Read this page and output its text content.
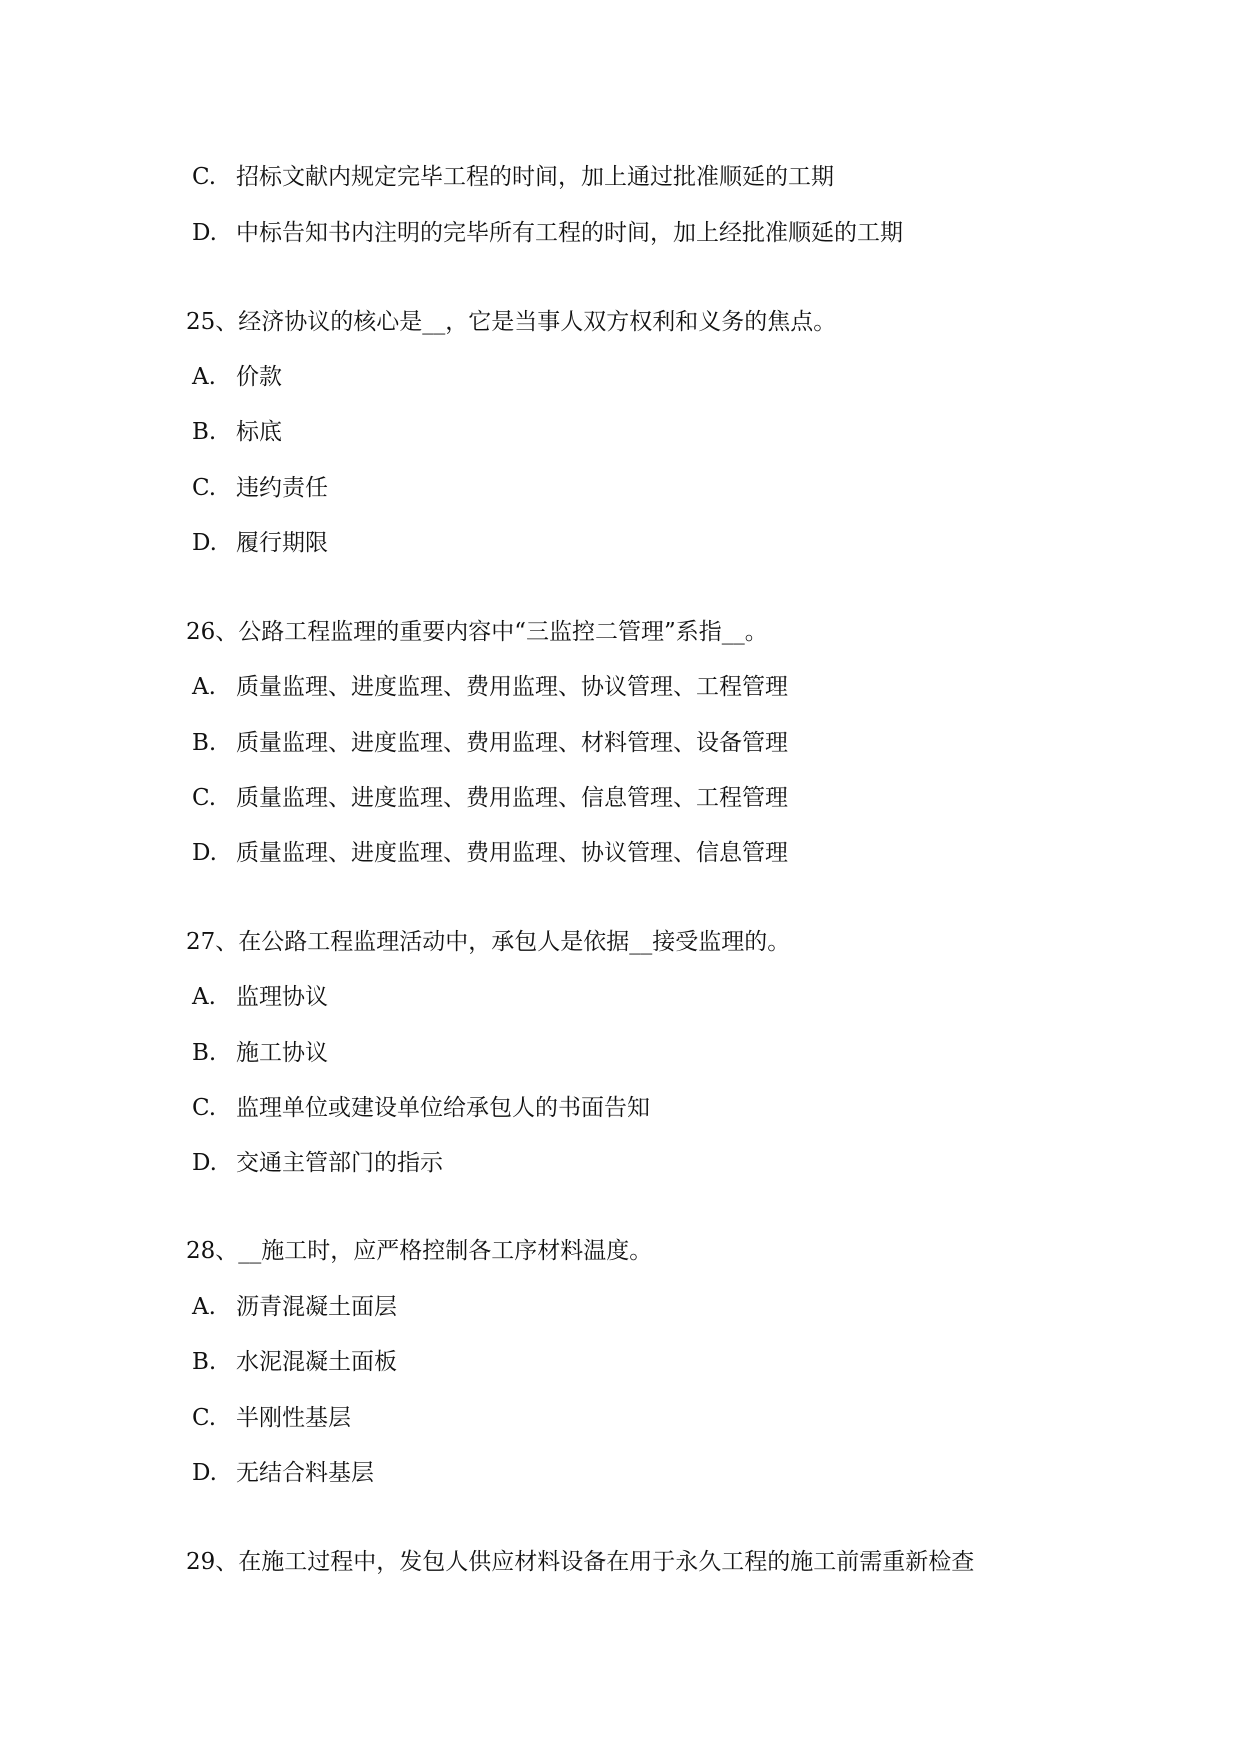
C. 招标文献内规定完毕工程的时间，加上通过批准顺延的工期
D. 中标告知书内注明的完毕所有工程的时间，加上经批准顺延的工期
25、经济协议的核心是__，它是当事人双方权利和义务的焦点。
A. 价款
B. 标底
C. 违约责任
D. 履行期限
26、公路工程监理的重要内容中“三监控二管理”系指__。
A. 质量监理、进度监理、费用监理、协议管理、工程管理
B. 质量监理、进度监理、费用监理、材料管理、设备管理
C. 质量监理、进度监理、费用监理、信息管理、工程管理
D. 质量监理、进度监理、费用监理、协议管理、信息管理
27、在公路工程监理活动中，承包人是依据__接受监理的。
A. 监理协议
B. 施工协议
C. 监理单位或建设单位给承包人的书面告知
D. 交通主管部门的指示
28、__施工时，应严格控制各工序材料温度。
A. 沥青混凝土面层
B. 水泥混凝土面板
C. 半刚性基层
D. 无结合料基层
29、在施工过程中，发包人供应材料设备在用于永久工程的施工前需重新检查
